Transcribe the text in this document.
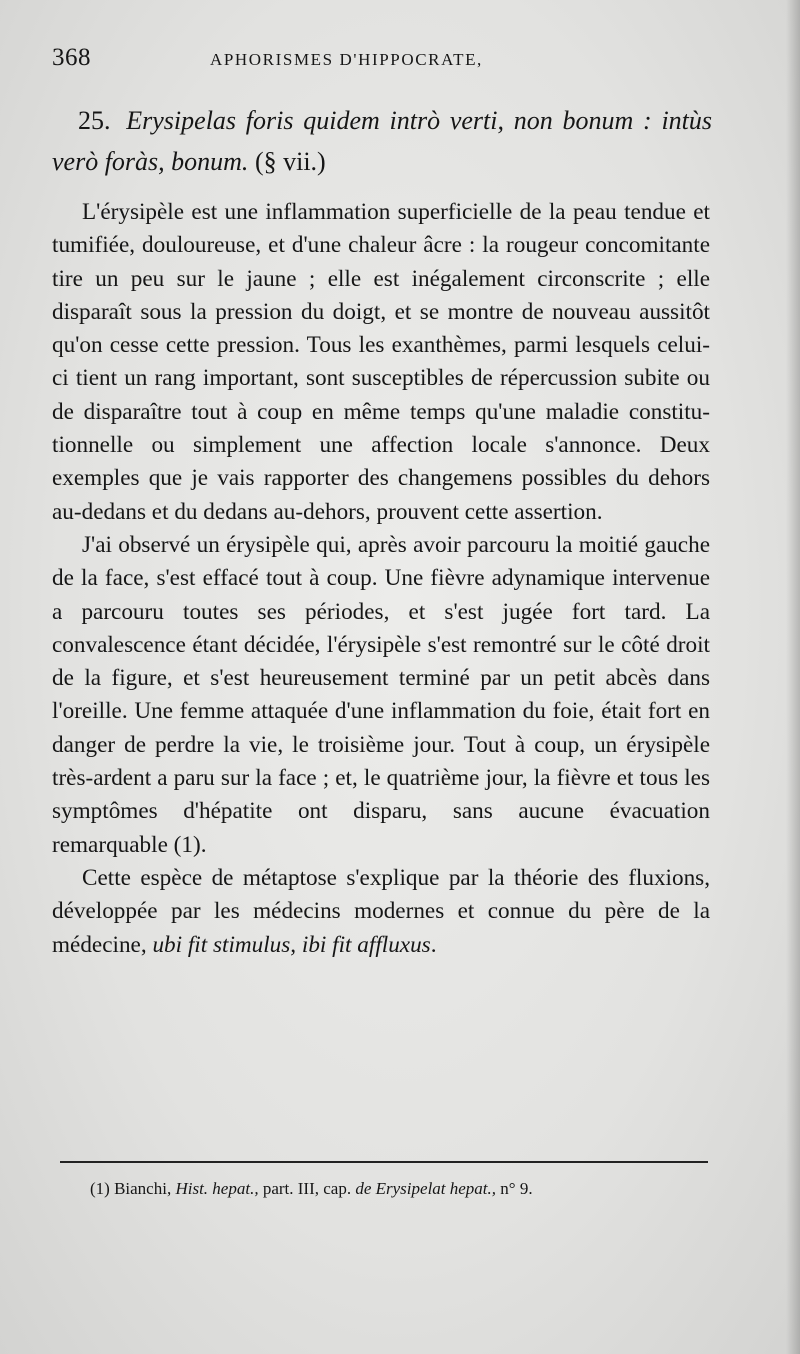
368	APHORISMES D'HIPPOCRATE,
25. Erysipelas foris quidem intrò verti, non bonum : intùs verò foràs, bonum. (§ vii.)

L'érysipèle est une inflammation superficielle de la peau tendue et tumifiée, douloureuse, et d'une chaleur âcre : la rougeur concomitante tire un peu sur le jaune ; elle est inégalement circonscrite ; elle disparaît sous la pression du doigt, et se montre de nouveau aussitôt qu'on cesse cette pression. Tous les exanthèmes, parmi lesquels celui-ci tient un rang important, sont susceptibles de répercussion subite ou de disparaître tout à coup en même temps qu'une maladie constitu-tionnelle ou simplement une affection locale s'annonce. Deux exemples que je vais rapporter des changemens possibles du dehors au-dedans et du dedans au-dehors, prouvent cette assertion.

J'ai observé un érysipèle qui, après avoir parcouru la moitié gauche de la face, s'est effacé tout à coup. Une fièvre adynamique intervenue a parcouru toutes ses périodes, et s'est jugée fort tard. La convalescence étant décidée, l'érysipèle s'est remontré sur le côté droit de la figure, et s'est heureusement terminé par un petit abcès dans l'oreille. Une femme attaquée d'une inflammation du foie, était fort en danger de perdre la vie, le troisième jour. Tout à coup, un érysipèle très-ardent a paru sur la face ; et, le quatrième jour, la fièvre et tous les symptômes d'hépatite ont disparu, sans aucune évacuation remarquable (1).

Cette espèce de métaptose s'explique par la théorie des fluxions, développée par les médecins modernes et connue du père de la médecine, ubi fit stimulus, ibi fit affluxus.

(1) Bianchi, Hist. hepat., part. III, cap. de Erysipelat hepat., n° 9.
